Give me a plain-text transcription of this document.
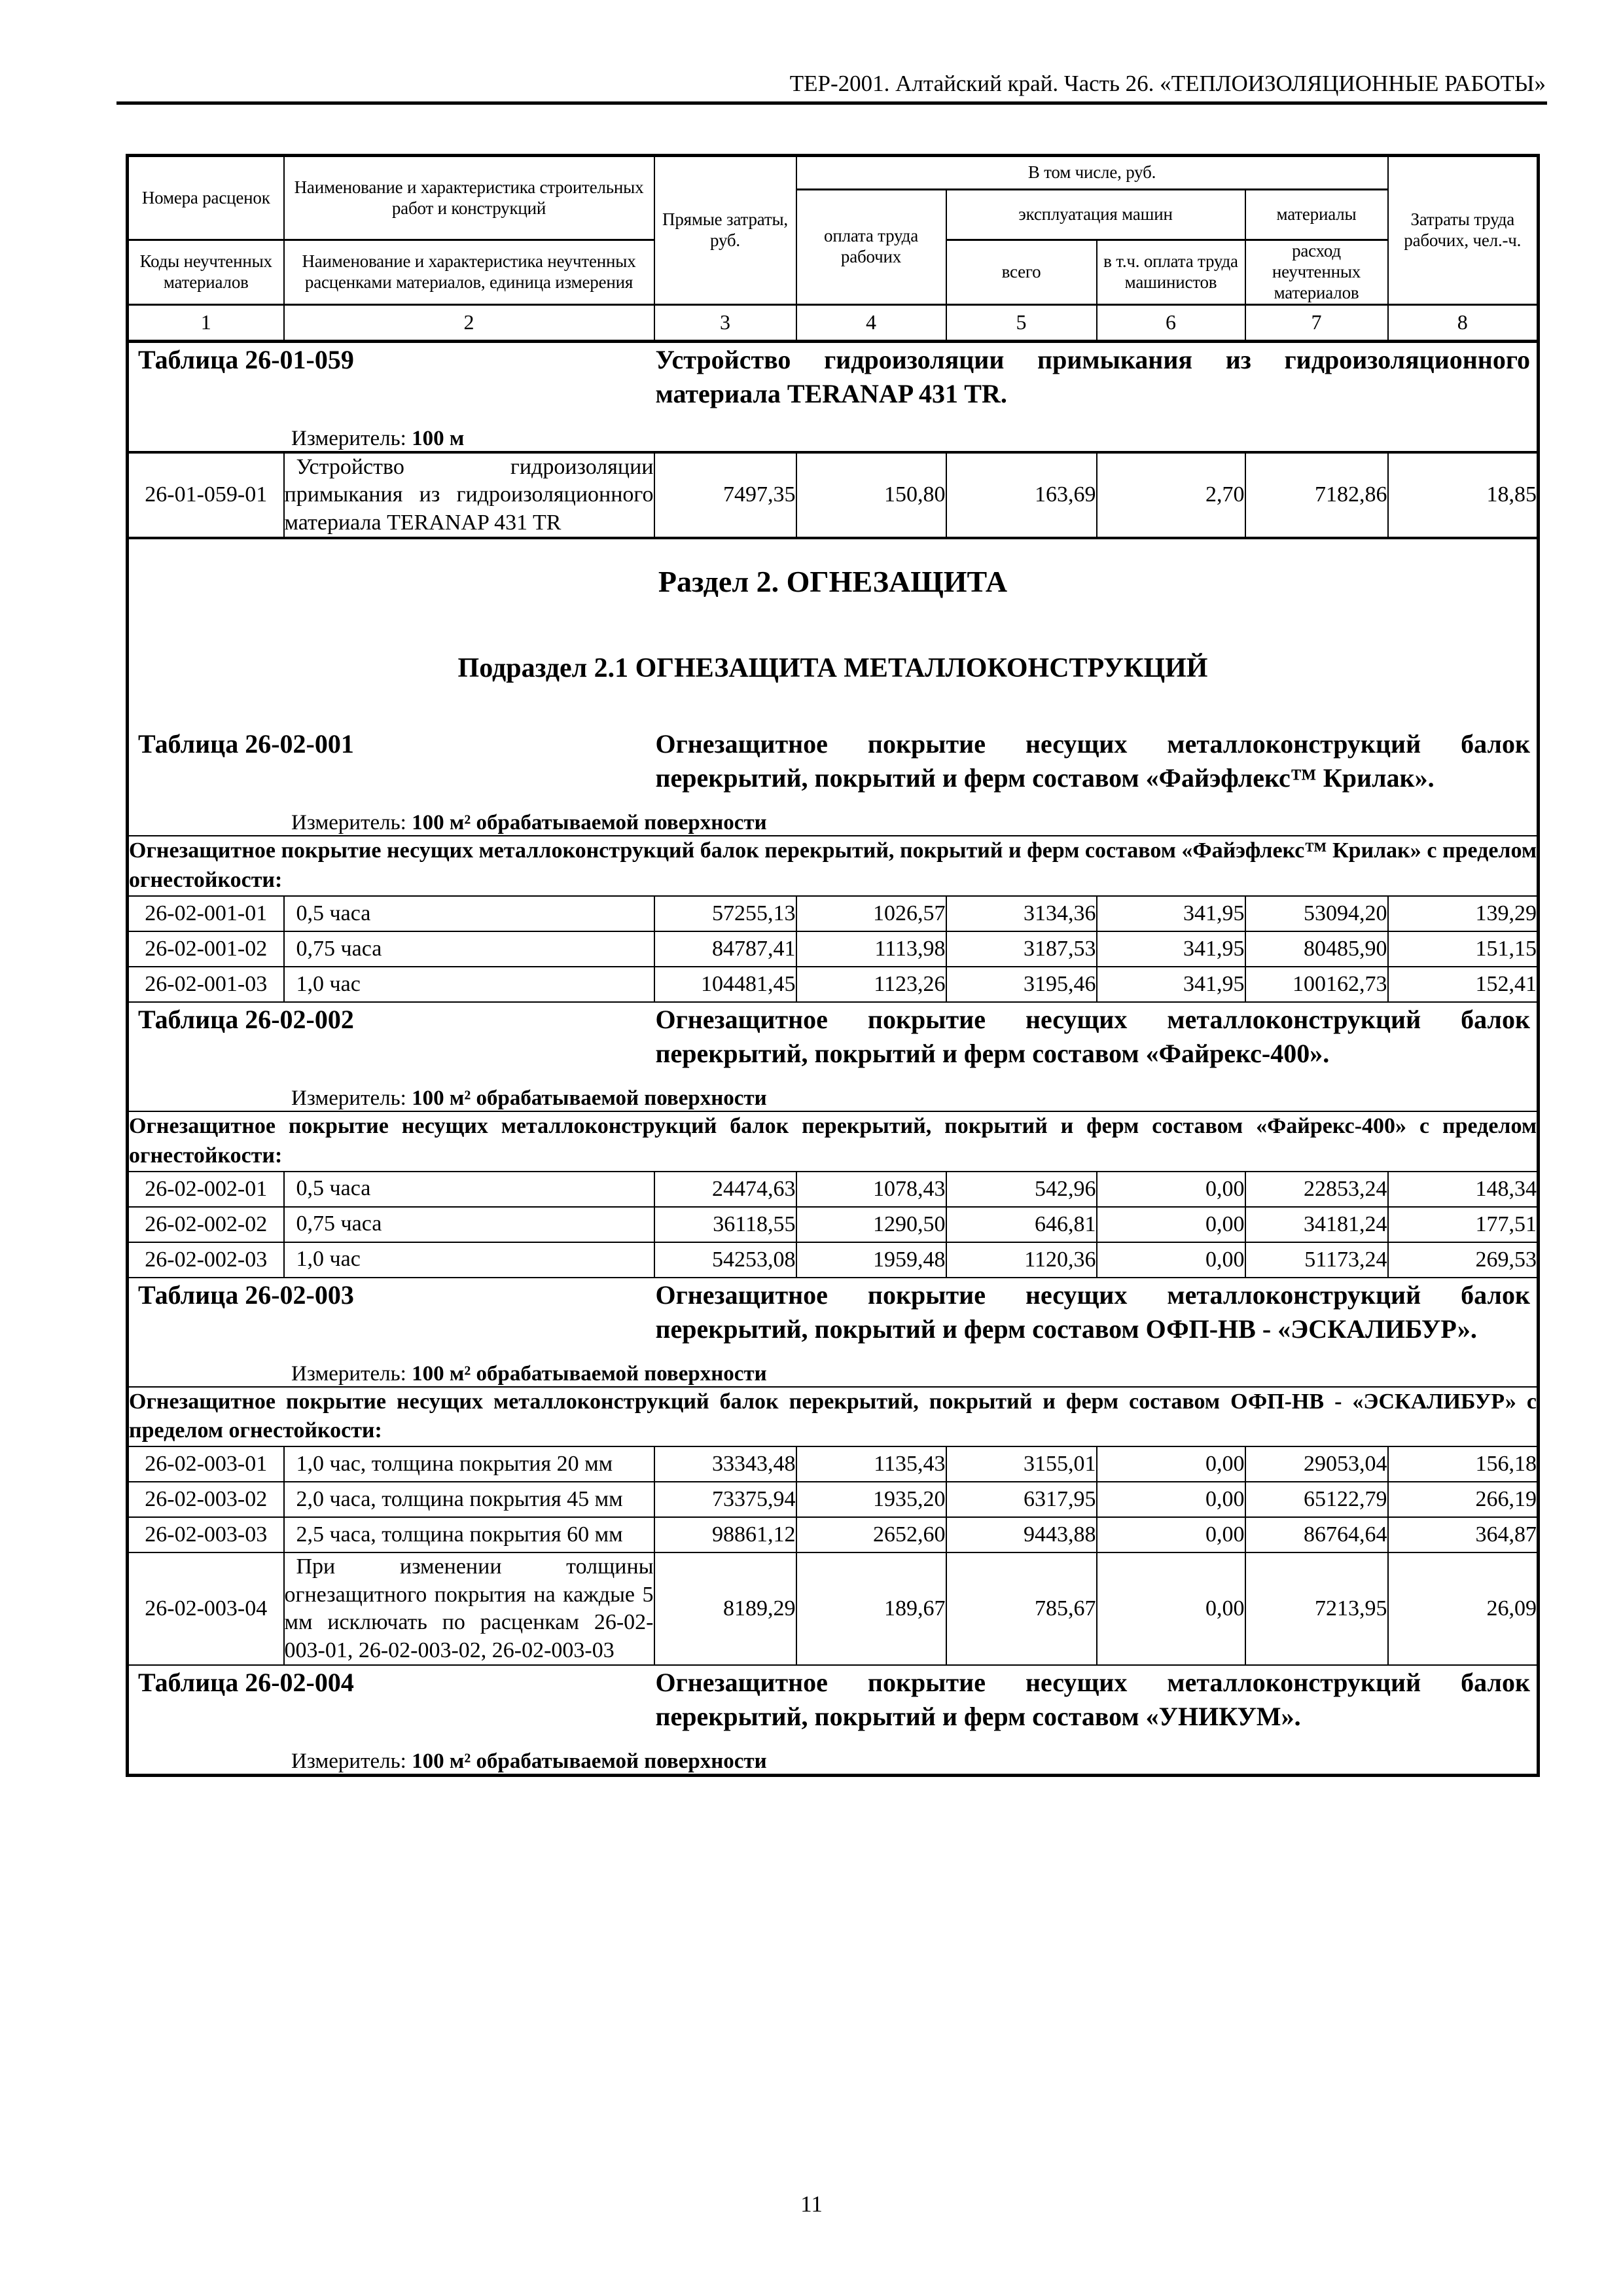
ТЕР-2001. Алтайский край. Часть 26. «ТЕПЛОИЗОЛЯЦИОННЫЕ РАБОТЫ»
Номера расценок	Наименование и характеристика строительных работ и конструкций	Прямые затраты, руб.	В том числе, руб.				Затраты труда рабочих, чел.-ч.
			оплата труда рабочих	эксплуатация машин		материалы	
Коды неучтенных материалов	Наименование и характеристика неучтенных расценками материалов, единица измерения			всего	в т.ч. оплата труда машинистов	расход неучтенных материалов	
1	2	3	4	5	6	7	8

Таблица 26-01-059 Устройство гидроизоляции примыкания из гидроизоляционного материала TERANAP 431 TR.
Измеритель: 100 м							

26-01-059-01	Устройство гидроизоляции примыкания из гидроизоляционного материала TERANAP 431 TR	7497,35	150,80	163,69	2,70	7182,86	18,85

Раздел 2. ОГНЕЗАЩИТА
Подраздел 2.1 ОГНЕЗАЩИТА МЕТАЛЛОКОНСТРУКЦИЙ
Таблица 26-02-001 Огнезащитное покрытие несущих металлоконструкций балок перекрытий, покрытий и ферм составом «Файэфлекс™ Крилак».
Измеритель: 100 м² обрабатываемой поверхности							

Огнезащитное покрытие несущих металлоконструкций балок перекрытий, покрытий и ферм составом «Файэфлекс™ Крилак» с пределом огнестойкости:							
26-02-001-01	0,5 часа	57255,13	1026,57	3134,36	341,95	53094,20	139,29
26-02-001-02	0,75 часа	84787,41	1113,98	3187,53	341,95	80485,90	151,15
26-02-001-03	1,0 час	104481,45	1123,26	3195,46	341,95	100162,73	152,41

Таблица 26-02-002 Огнезащитное покрытие несущих металлоконструкций балок перекрытий, покрытий и ферм составом «Файрекс-400».
Измеритель: 100 м² обрабатываемой поверхности							

Огнезащитное покрытие несущих металлоконструкций балок перекрытий, покрытий и ферм составом «Файрекс-400» с пределом огнестойкости:							
26-02-002-01	0,5 часа	24474,63	1078,43	542,96	0,00	22853,24	148,34
26-02-002-02	0,75 часа	36118,55	1290,50	646,81	0,00	34181,24	177,51
26-02-002-03	1,0 час	54253,08	1959,48	1120,36	0,00	51173,24	269,53

Таблица 26-02-003 Огнезащитное покрытие несущих металлоконструкций балок перекрытий, покрытий и ферм составом ОФП-НВ - «ЭСКАЛИБУР».
Измеритель: 100 м² обрабатываемой поверхности							

Огнезащитное покрытие несущих металлоконструкций балок перекрытий, покрытий и ферм составом ОФП-НВ - «ЭСКАЛИБУР» с пределом огнестойкости:							
26-02-003-01	1,0 час, толщина покрытия 20 мм	33343,48	1135,43	3155,01	0,00	29053,04	156,18
26-02-003-02	2,0 часа, толщина покрытия 45 мм	73375,94	1935,20	6317,95	0,00	65122,79	266,19
26-02-003-03	2,5 часа, толщина покрытия 60 мм	98861,12	2652,60	9443,88	0,00	86764,64	364,87
26-02-003-04	При изменении толщины огнезащитного покрытия на каждые 5 мм исключать по расценкам 26-02-003-01, 26-02-003-02, 26-02-003-03	8189,29	189,67	785,67	0,00	7213,95	26,09

Таблица 26-02-004 Огнезащитное покрытие несущих металлоконструкций балок перекрытий, покрытий и ферм составом «УНИКУМ».
Измеритель: 100 м² обрабатываемой поверхности							
11
